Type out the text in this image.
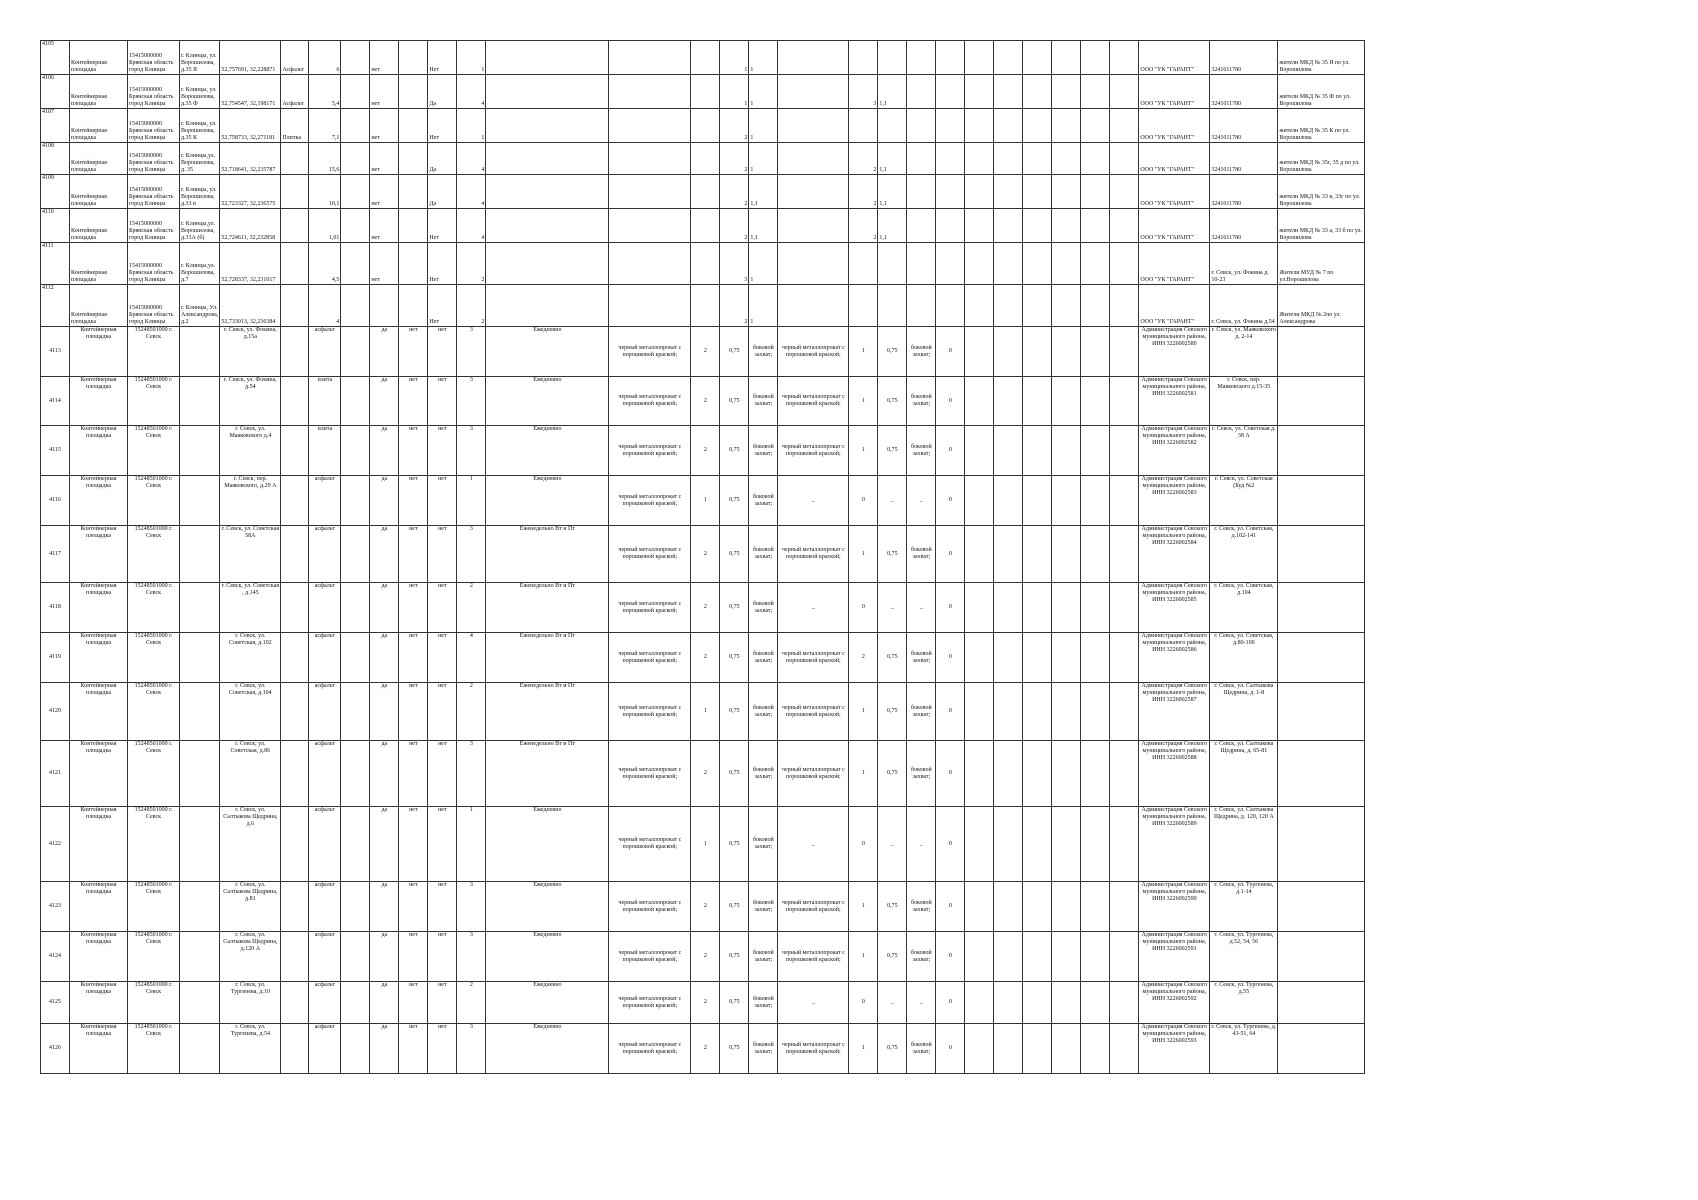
4105	Контейнерная площадка	15415000000 Брянская область город Клинцы	г. Клинцы, ул. Ворошилова, д.35 Я	52,757691, 32,228871	Асфальт	6		нет		Нет	1				1	1												ООО "УК "ГАРАНТ"	3241011780	жители МКД № 35 Я по ул. Ворошилова
4106	Контейнерная площадка	15415000000 Брянская область город Клинцы	г. Клинцы, ул. Ворошилова, д.35 Ф	52,754547, 32,198171	Асфальт	5,4		нет		Да	4				1	1		3	1,1									ООО "УК "ГАРАНТ"	3241011780	жители МКД № 35 Ф по ул. Ворошилова
4107	Контейнерная площадка	15415000000 Брянская область город Клинцы	г. Клинцы, ул. Ворошилова, д.35 К	52,758733, 32,271181	Плитка	7,1		нет		Нет	1				2	1												ООО "УК "ГАРАНТ"	3241011780	жители МКД № 35 К по ул. Ворошилова
4108	Контейнерная площадка	15415000000 Брянская область город Клинцы	г. Клинцы,ул. Ворошилова, д. 35	52,718641, 32,235787		15,6		нет		Да	4				2	1		2	1,1									ООО "УК "ГАРАНТ"	3241011780	жители МКД № 35г, 35 д по ул. Ворошилова
4109	Контейнерная площадка	15415000000 Брянская область город Клинцы	г. Клинцы, ул. Ворошилова, д.33 в	52,723327, 32,236575		10,1		нет		Да	4				2	1,1		2	1,1									ООО "УК "ГАРАНТ"	3241011780	жители МКД № 33 в, 33г по ул. Ворошилова
4110	Контейнерная площадка	15415000000 Брянская область город Клинцы	г. Клинцы,ул. Ворошилова, д.33А (б)	52,724611, 32,232858		1,01		нет		Нет	4				2	1,1		2	1,1									ООО "УК "ГАРАНТ"	3241011780	жители МКД № 33 а, 33 б по ул. Ворошилова
4111	Контейнерная площадка	15415000000 Брянская область город Клинцы	г. Клинцы,ул. Ворошилова, д.7	52,728337, 32,231017		4,5		нет		Нет	2				3	1												ООО "УК "ГАРАНТ"	г. Севск, ул. Фокина д. 10-23	Жители МУД № 7 по ул.Ворошилова
4112	Контейнерная площадка	15415000000 Брянская область город Клинцы	г. Клинцы, Ул. Александрова, д.2	52,733013, 32,236384		4				Нет	2				2	1												ООО "УК "ГАРАНТ"	г. Севск, ул. Фокина д.54	Жители МКД № 2по ул. Александрова
4113	Контейнерная площадка	15248501000 г. Севск		г. Севск, ул. Фокина, д.15а		асфальт		да	нет	нет	3	Ежедневно	черный металлопрокат с порошковой краской;	2	0,75	боковой захват;	черный металлопрокат с порошковой краской;	1	0,75	боковой захват;	0							Администрация Севского муниципального района, ИНН 3226002580	г. Севск, ул. Маяковского д. 2-14	
4114	Контейнерная площадка	15248501000 г. Севск		г. Севск, ул. Фокина, д.54		плита		да	нет	нет	3	Ежедневно	черный металлопрокат с порошковой краской;	2	0,75	боковой захват;	черный металлопрокат с порошковой краской;	1	0,75	боковой захват;	0							Администрация Севского муниципального района, ИНН 3226002581	г. Севск, пер. Маяковского д.15-35	
4115	Контейнерная площадка	15248501000 г. Севск		г. Севск, ул. Маяковского д.4		плита		да	нет	нет	3	Ежедневно	черный металлопрокат с порошковой краской;	2	0,75	боковой захват;	черный металлопрокат с порошковой краской;	1	0,75	боковой захват;	0							Администрация Севского муниципального района, ИНН 3226002582	г. Севск, ул. Советская д. 38 А	
4116	Контейнерная площадка	15248501000 г. Севск		г. Севск, пер. Маяковского, д.29 А		асфальт		да	нет	нет	1	Ежедневно	черный металлопрокат с порошковой краской;	1	0,75	боковой захват;	_	0	_	_	0							Администрация Севского муниципального района, ИНН 3226002583	г. Севск, ул. Советская (Буд №2	
4117	Контейнерная площадка	15248501000 г. Севск		г. Севск, ул. Советская 58А		асфальт		да	нет	нет	3	Еженедельно Вт и Пт	черный металлопрокат с порошковой краской;	2	0,75	боковой захват;	черный металлопрокат с порошковой краской;	1	0,75	боковой захват;	0							Администрация Севского муниципального района, ИНН 3226002584	г. Севск, ул. Советская, д.102-141	
4118	Контейнерная площадка	15248501000 г. Севск		г. Севск, ул. Советская , д.145		асфальт		да	нет	нет	2	Еженедельно Вт и Пт	черный металлопрокат с порошковой краской;	2	0,75	боковой захват;	_	0	_	_	0							Администрация Севского муниципального района, ИНН 3226002585	г. Севск, ул. Советская, д.104	
4119	Контейнерная площадка	15248501000 г. Севск		г. Севск, ул. Советская, д.102		асфальт		да	нет	нет	4	Еженедельно Вт и Пт	черный металлопрокат с порошковой краской;	2	0,75	боковой захват;	черный металлопрокат с порошковой краской;	2	0,75	боковой захват;	0							Администрация Севского муниципального района, ИНН 3226002586	г. Севск, ул. Советская, д.80-100	
4120	Контейнерная площадка	15248501000 г. Севск		г. Севск, ул. Советская, д.104		асфальт		да	нет	нет	2	Еженедельно Вт и Пт	черный металлопрокат с порошковой краской;	1	0,75	боковой захват;	черный металлопрокат с порошковой краской;	1	0,75	боковой захват;	0							Администрация Севского муниципального района, ИНН 3226002587	г. Севск, ул. Салтыкова Щедрина, д. 1-8	
4121	Контейнерная площадка	15248501000 г. Севск		г. Севск, ул. Советская, д.86		асфальт		да	нет	нет	3	Еженедельно Вт и Пт	черный металлопрокат с порошковой краской;	2	0,75	боковой захват;	черный металлопрокат с порошковой краской;	1	0,75	боковой захват;	0							Администрация Севского муниципального района, ИНН 3226002588	г. Севск, ул. Салтыкова Щедрина, д. 65-81	
4122	Контейнерная площадка	15248501000 г. Севск		г. Севск, ул. Салтыкова Щедрина, д.6		асфальт		да	нет	нет	1	Ежедневно	черный металлопрокат с порошковой краской;	1	0,75	боковой захват;	_	0	_	_	0							Администрация Севского муниципального района, ИНН 3226002589	г. Севск, ул. Салтыкова Щедрина, д. 120, 120 А	
4123	Контейнерная площадка	15248501000 г. Севск		г. Севск, ул. Салтыкова Щедрина, д.81		асфальт		да	нет	нет	3	Ежедневно	черный металлопрокат с порошковой краской;	2	0,75	боковой захват;	черный металлопрокат с порошковой краской;	1	0,75	боковой захват;	0							Администрация Севского муниципального района, ИНН 3226002590	г. Севск, ул. Тургенева, д.1-14	
4124	Контейнерная площадка	15248501000 г. Севск		г. Севск, ул. Салтыкова Щедрина, д.120 А		асфальт		да	нет	нет	3	Ежедневно	черный металлопрокат с порошковой краской;	2	0,75	боковой захват;	черный металлопрокат с порошковой краской;	1	0,75	боковой захват;	0							Администрация Севского муниципального района, ИНН 3226002591	г. Севск, ул. Тургенева, д.52, 54, 56	
4125	Контейнерная площадка	15248501000 г. Севск		г. Севск, ул. Тургенева, д.10		асфальт		да	нет	нет	2	Ежедневно	черный металлопрокат с порошковой краской;	2	0,75	боковой захват;	_	0	_	_	0							Администрация Севского муниципального района, ИНН 3226002592	г. Севск, ул. Тургенева, д.55	
4126	Контейнерная площадка	15248501000 г. Севск		г. Севск, ул. Тургенева, д.54		асфальт		да	нет	нет	3	Ежедневно	черный металлопрокат с порошковой краской;	2	0,75	боковой захват;	черный металлопрокат с порошковой краской;	1	0,75	боковой захват;	0							Администрация Севского муниципального района, ИНН 3226002593	г. Севск, ул. Тургенева, д. 43-51, 64	
